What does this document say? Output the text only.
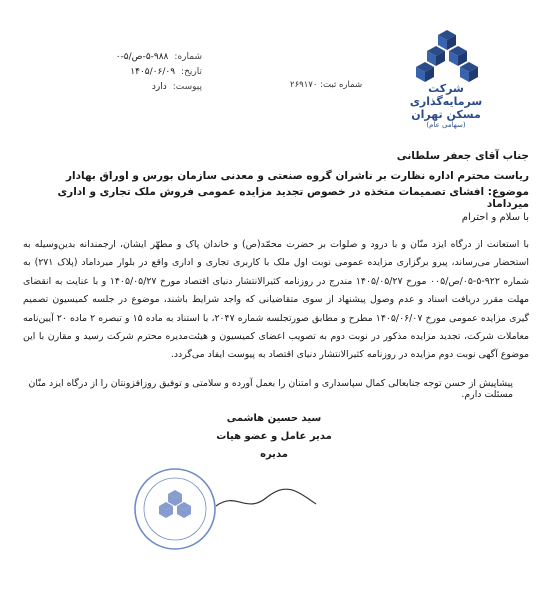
شرکت
سرمایه‌گذاری مسکن تهران
(سهامی عام)
شماره:
۵-۹۸۸-ص/۵-۰
تاریخ:
۱۴۰۵/۰۶/۰۹
پیوست:
دارد	شماره ثبت: ۲۶۹۱۷۰
جناب آقای جعفر سلطانی
ریاست محترم اداره نظارت بر ناشران گروه صنعتی و معدنی سازمان بورس و اوراق بهادار
موضوع: افشای تصمیمات متخذه در خصوص تجدید مزایده عمومی فروش ملک تجاری و اداری میرداماد
با سلام و احترام
با استعانت از درگاه ایزد منّان و با درود و صلوات بر حضرت محمّد(ص) و خاندان پاک و مطهّر ایشان، ارجمندانه بدین‌وسیله به استحضار می‌رساند، پیرو برگزاری مزایده عمومی نوبت اول ملک با کاربری تجاری و اداری واقع در بلوار میرداماد (پلاک ۲۷۱) به شماره ۹۲۲-۵-۰۵/ص/۰۰۵ مورخ ۱۴۰۵/۰۵/۲۷ مندرج در روزنامه کثیرالانتشار دنیای اقتصاد مورخ ۱۴۰۵/۰۵/۲۷ و با عنایت به انقضای مهلت مقرر دریافت اسناد و عدم وصول پیشنهاد از سوی متقاضیانی که واجد شرایط باشند، موضوع در جلسه کمیسیون تصمیم گیری مزایده عمومی مورخ ۱۴۰۵/۰۶/۰۷ مطرح و مطابق صورتجلسه شماره ۲۰۴۷، با استناد به ماده ۱۵ و تبصره ۲ ماده ۲۰ آیین‌نامه معاملات شرکت، تجدید مزایده مذکور در نوبت دوم به تصویب اعضای کمیسیون و هیئت‌مدیره محترم شرکت رسید و مقارن با این موضوع آگهی نوبت دوم مزایده در روزنامه کثیرالانتشار دنیای اقتصاد به پیوست ایفاد می‌گردد.
پیشاپیش از حسن توجه جنابعالی کمال سپاسداری و امتنان را بعمل آورده و سلامتی و توفیق روزافزونتان را از درگاه ایزد منّان مسئلت دارم.
سید حسین هاشمی
مدیر عامل و عضو هیات مدیره
